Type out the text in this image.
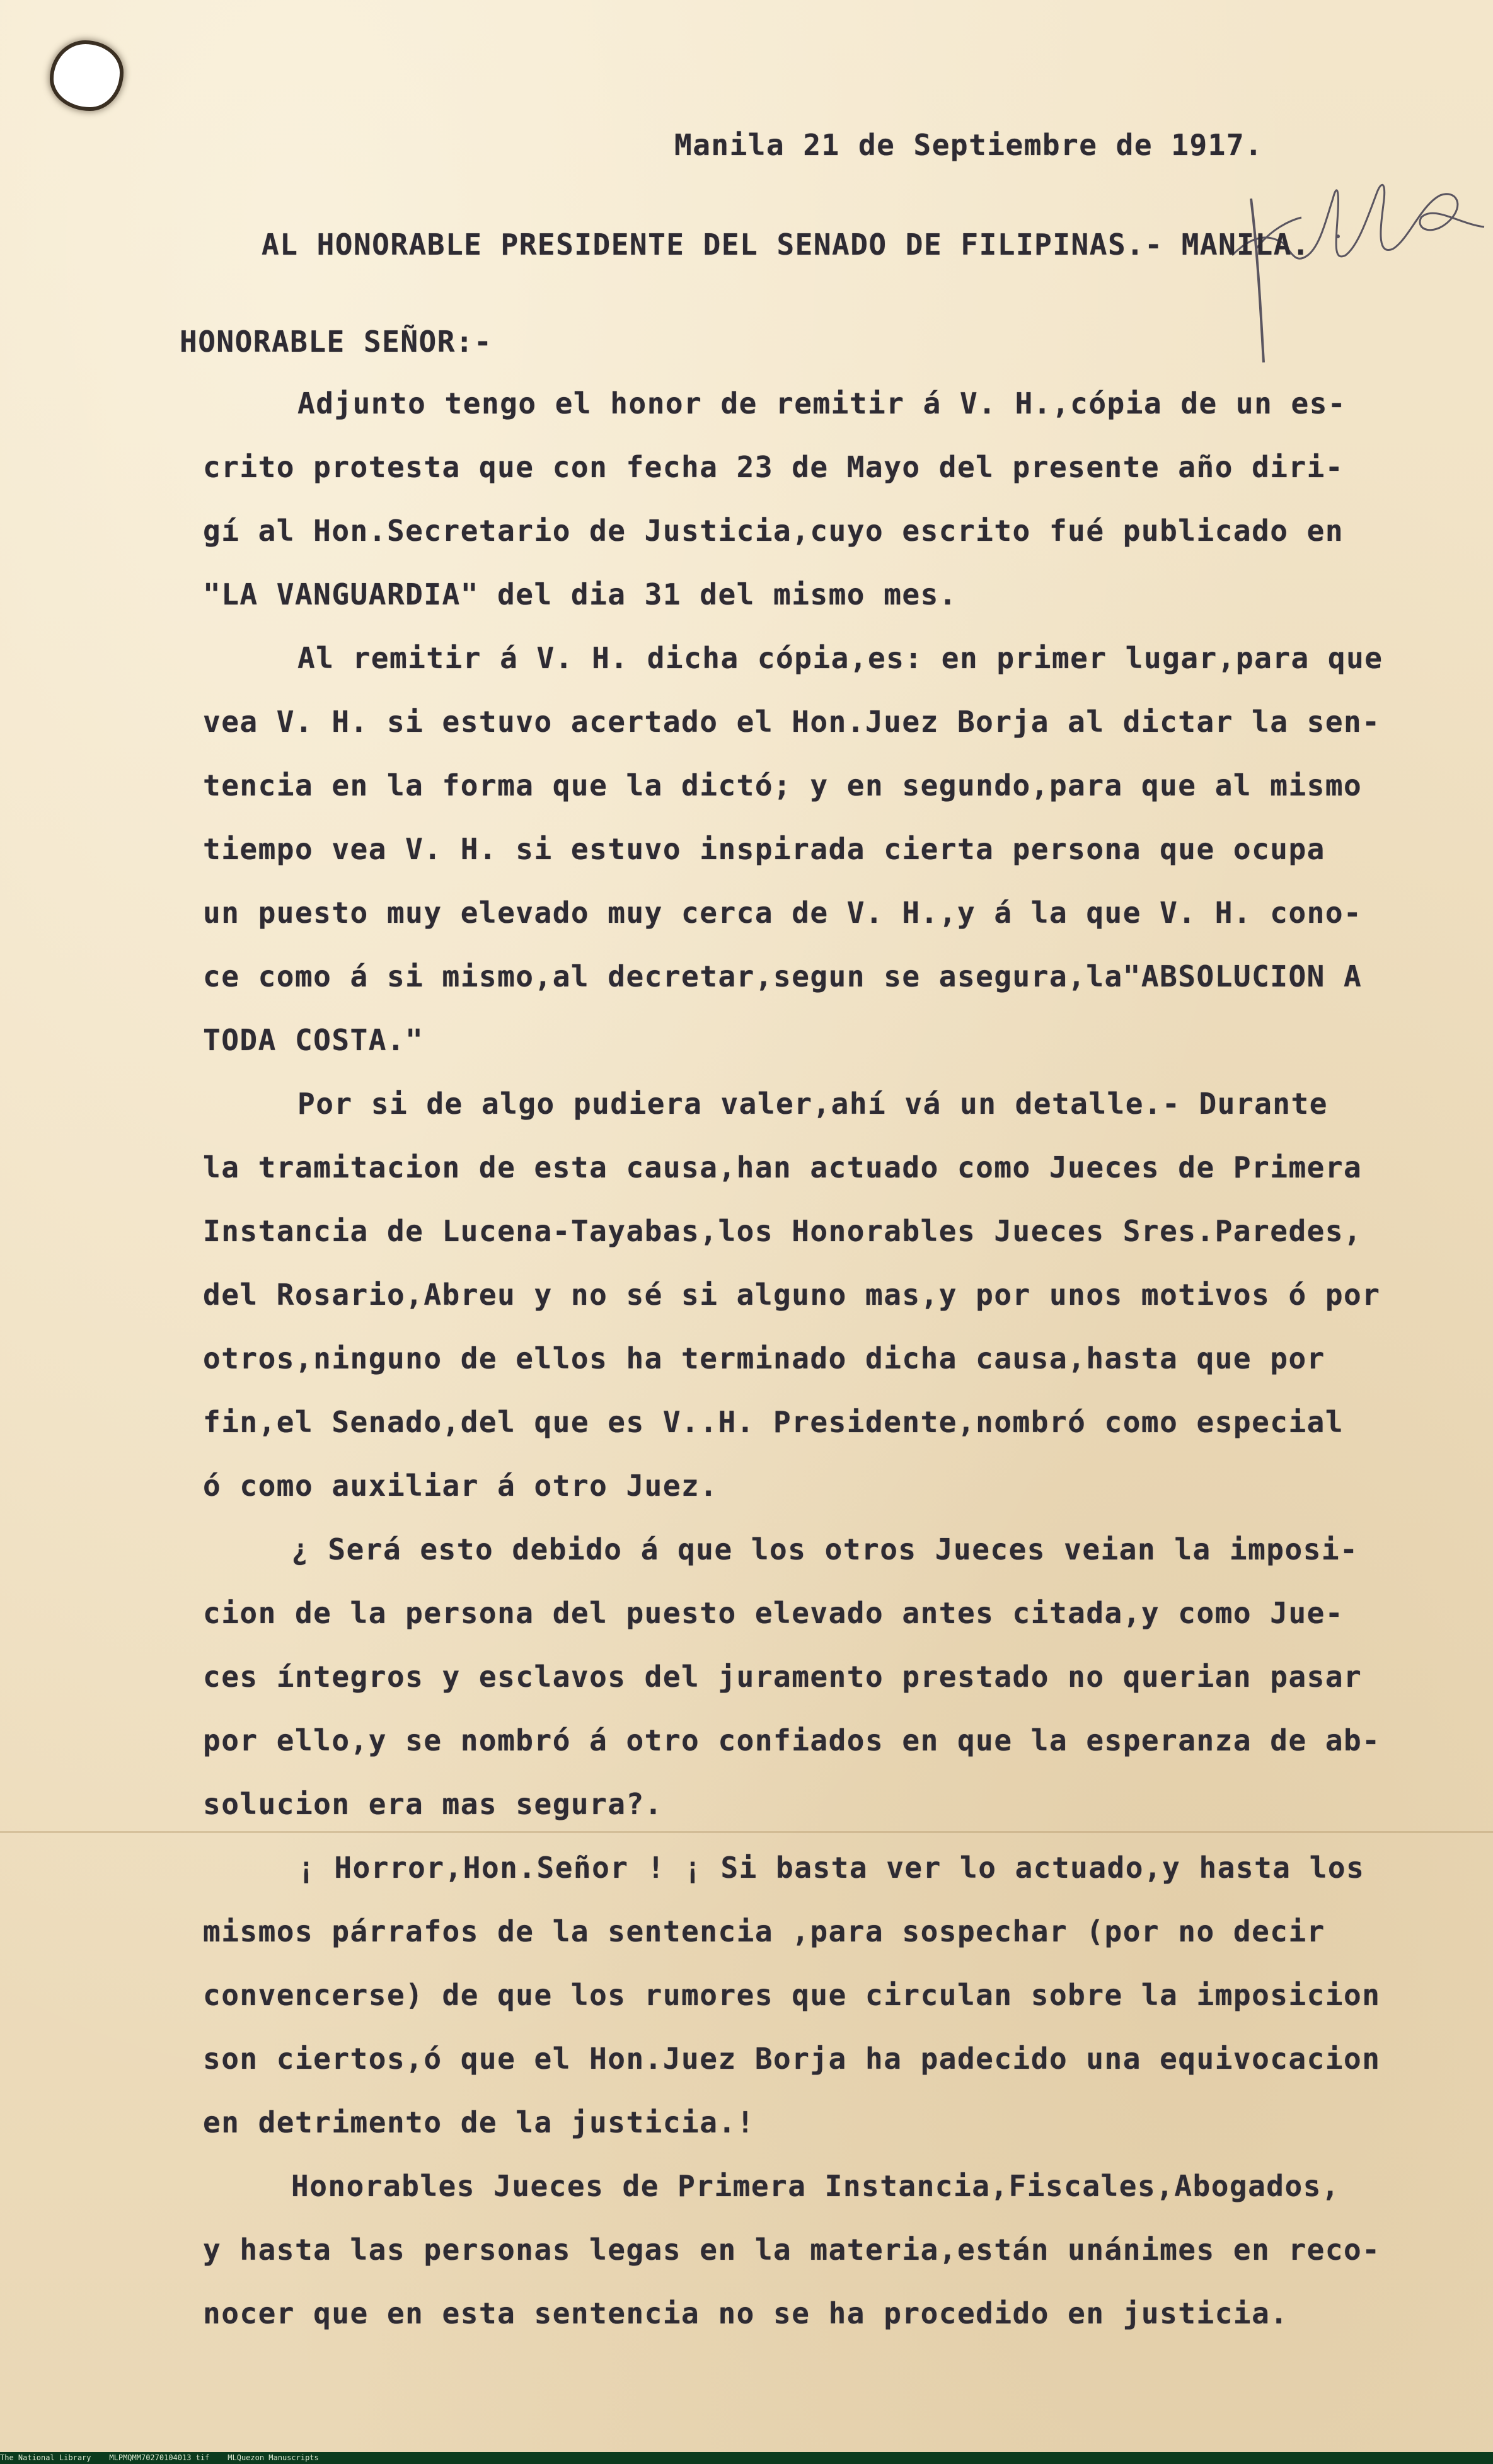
Manila 21 de Septiembre de 1917.
AL HONORABLE PRESIDENTE DEL SENADO DE FILIPINAS.- MANILA.
HONORABLE SEÑOR:-
Adjunto tengo el honor de remitir á V. H.,cópia de un es-
crito protesta que con fecha 23 de Mayo del presente año diri-
gí al Hon.Secretario de Justicia,cuyo escrito fué publicado en
"LA VANGUARDIA" del dia 31 del mismo mes.
Al remitir á V. H. dicha cópia,es: en primer lugar,para que
vea V. H. si estuvo acertado el Hon.Juez Borja al dictar la sen-
tencia en la forma que la dictó; y en segundo,para que al mismo
tiempo vea V. H. si estuvo inspirada cierta persona que ocupa
un puesto muy elevado muy cerca de V. H.,y á la que V. H. cono-
ce como á si mismo,al decretar,segun se asegura,la"ABSOLUCION A
TODA COSTA."
Por si de algo pudiera valer,ahí vá un detalle.- Durante
la tramitacion de esta causa,han actuado como Jueces de Primera
Instancia de Lucena-Tayabas,los Honorables Jueces Sres.Paredes,
del Rosario,Abreu y no sé si alguno mas,y por unos motivos ó por
otros,ninguno de ellos ha terminado dicha causa,hasta que por
fin,el Senado,del que es V..H. Presidente,nombró como especial
ó como auxiliar á otro Juez.
¿ Será esto debido á que los otros Jueces veian la imposi-
cion de la persona del puesto elevado antes citada,y como Jue-
ces íntegros y esclavos del juramento prestado no querian pasar
por ello,y se nombró á otro confiados en que la esperanza de ab-
solucion era mas segura?.
¡ Horror,Hon.Señor ! ¡ Si basta ver lo actuado,y hasta los
mismos párrafos de la sentencia ,para sospechar (por no decir
convencerse) de que los rumores que circulan sobre la imposicion
son ciertos,ó que el Hon.Juez Borja ha padecido una equivocacion
en detrimento de la justicia.!
Honorables Jueces de Primera Instancia,Fiscales,Abogados,
y hasta las personas legas en la materia,están unánimes en reco-
nocer que en esta sentencia no se ha procedido en justicia.
The National Library MLPMQMM70270104013 tif MLQuezon Manuscripts
